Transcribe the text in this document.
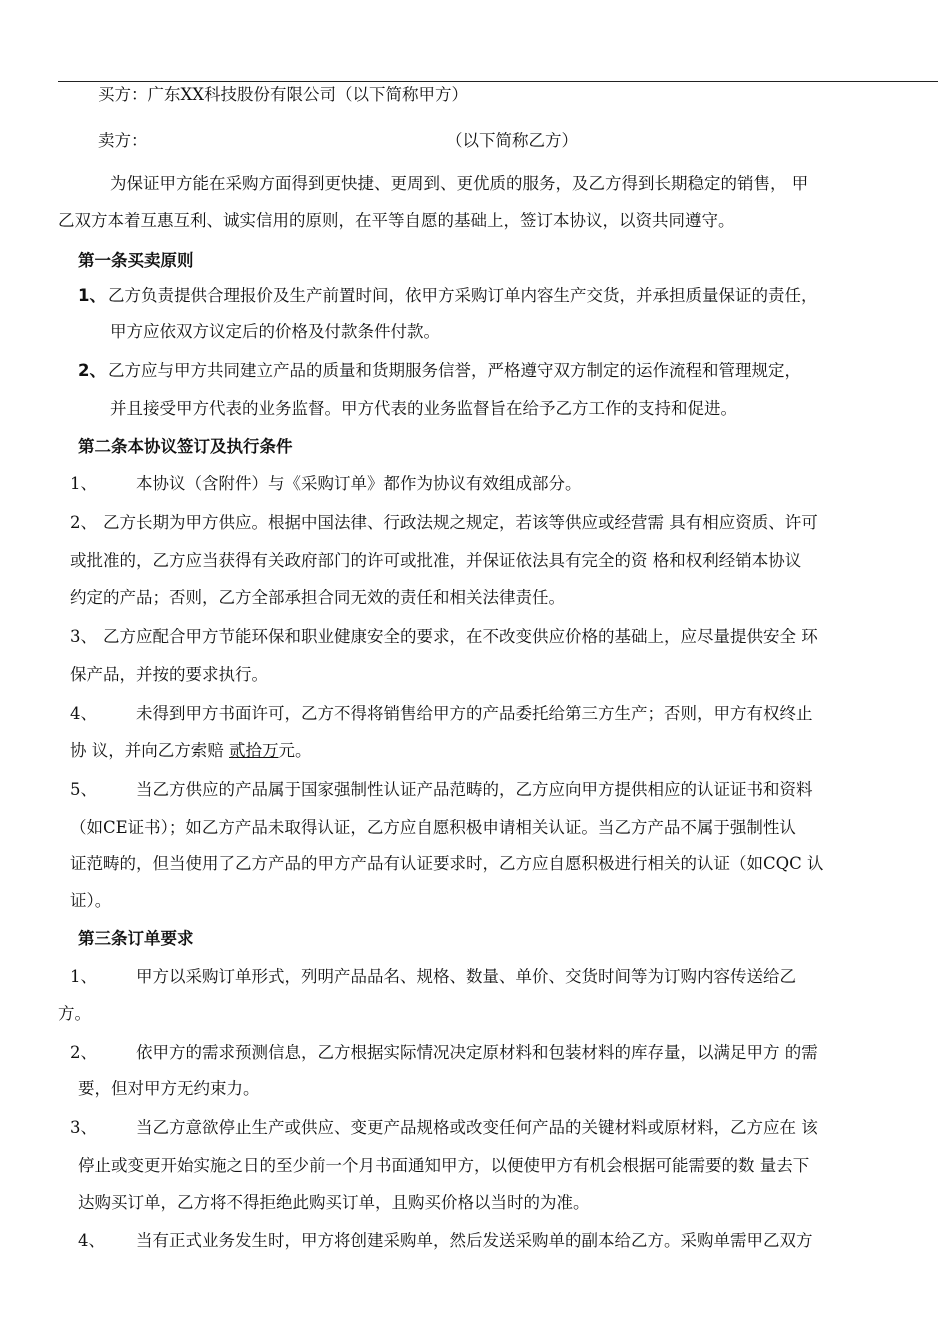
买方：广东XX科技股份有限公司（以下简称甲方）
卖方：	（以下简称乙方）
为保证甲方能在采购方面得到更快捷、更周到、更优质的服务，及乙方得到长期稳定的销售， 甲
乙双方本着互惠互利、诚实信用的原则，在平等自愿的基础上，签订本协议，以资共同遵守。
第一条买卖原则
1、 乙方负责提供合理报价及生产前置时间，依甲方采购订单内容生产交货，并承担质量保证的责任，
甲方应依双方议定后的价格及付款条件付款。
2、 乙方应与甲方共同建立产品的质量和货期服务信誉，严格遵守双方制定的运作流程和管理规定，
并且接受甲方代表的业务监督。甲方代表的业务监督旨在给予乙方工作的支持和促进。
第二条本协议签订及执行条件
1、 本协议（含附件）与《采购订单》都作为协议有效组成部分。
2、 乙方长期为甲方供应。根据中国法律、行政法规之规定，若该等供应或经营需 具有相应资质、许可
或批准的，乙方应当获得有关政府部门的许可或批准，并保证依法具有完全的资 格和权利经销本协议
约定的产品；否则，乙方全部承担合同无效的责任和相关法律责任。
3、 乙方应配合甲方节能环保和职业健康安全的要求，在不改变供应价格的基础上，应尽量提供安全 环
保产品，并按的要求执行。
4、 未得到甲方书面许可，乙方不得将销售给甲方的产品委托给第三方生产；否则，甲方有权终止
协 议，并向乙方索赔 贰拾万元。
5、 当乙方供应的产品属于国家强制性认证产品范畴的，乙方应向甲方提供相应的认证证书和资料
（如CE证书）；如乙方产品未取得认证，乙方应自愿积极申请相关认证。当乙方产品不属于强制性认
证范畴的，但当使用了乙方产品的甲方产品有认证要求时，乙方应自愿积极进行相关的认证（如CQC 认
证）。
第三条订单要求
1、 甲方以采购订单形式，列明产品品名、规格、数量、单价、交货时间等为订购内容传送给乙
方。
2、 依甲方的需求预测信息，乙方根据实际情况决定原材料和包装材料的库存量，以满足甲方 的需
要，但对甲方无约束力。
3、 当乙方意欲停止生产或供应、变更产品规格或改变任何产品的关键材料或原材料，乙方应在 该
停止或变更开始实施之日的至少前一个月书面通知甲方，以便使甲方有机会根据可能需要的数 量去下
达购买订单，乙方将不得拒绝此购买订单，且购买价格以当时的为准。
4、 当有正式业务发生时，甲方将创建采购单，然后发送采购单的副本给乙方。采购单需甲乙双方
